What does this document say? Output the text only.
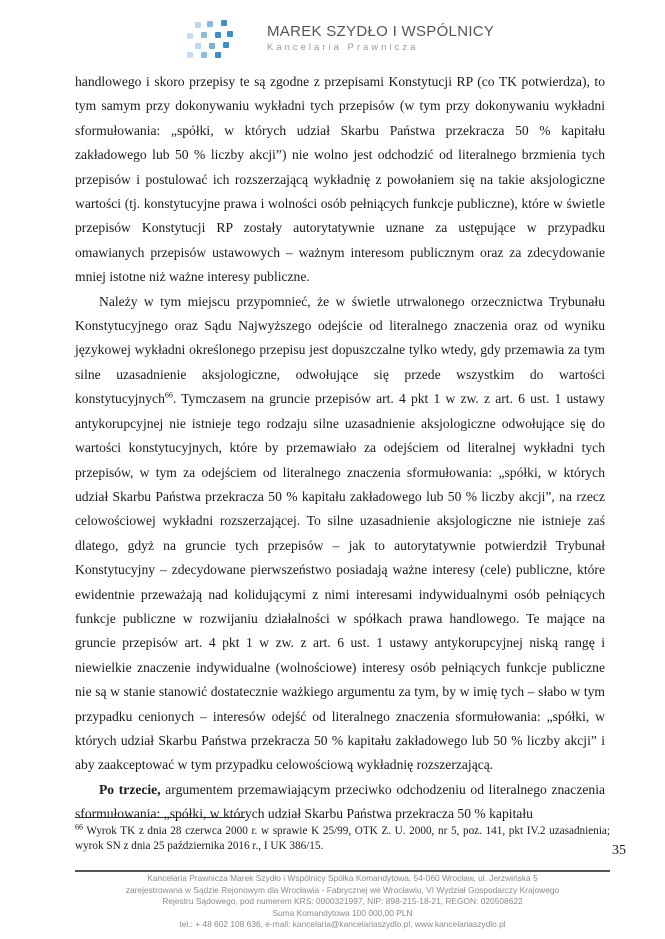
MAREK SZYDŁO I WSPÓLNICY
Kancelaria Prawnicza

handlowego i skoro przepisy te są zgodne z przepisami Konstytucji RP (co TK potwierdza), to tym samym przy dokonywaniu wykładni tych przepisów (w tym przy dokonywaniu wykładni sformułowania: „spółki, w których udział Skarbu Państwa przekracza 50 % kapitału zakładowego lub 50 % liczby akcji”) nie wolno jest odchodzić od literalnego brzmienia tych przepisów i postulować ich rozszerzającą wykładnię z powołaniem się na takie aksjologiczne wartości (tj. konstytucyjne prawa i wolności osób pełniących funkcje publiczne), które w świetle przepisów Konstytucji RP zostały autorytatywnie uznane za ustępujące w przypadku omawianych przepisów ustawowych – ważnym interesom publicznym oraz za zdecydowanie mniej istotne niż ważne interesy publiczne.

Należy w tym miejscu przypomnieć, że w świetle utrwalonego orzecznictwa Trybunału Konstytucyjnego oraz Sądu Najwyższego odejście od literalnego znaczenia oraz od wyniku językowej wykładni określonego przepisu jest dopuszczalne tylko wtedy, gdy przemawia za tym silne uzasadnienie aksjologiczne, odwołujące się przede wszystkim do wartości konstytucyjnych$^{66}$. Tymczasem na gruncie przepisów art. 4 pkt 1 w zw. z art. 6 ust. 1 ustawy antykorupcyjnej nie istnieje tego rodzaju silne uzasadnienie aksjologiczne odwołujące się do wartości konstytucyjnych, które by przemawiało za odejściem od literalnej wykładni tych przepisów, w tym za odejściem od literalnego znaczenia sformułowania: „spółki, w których udział Skarbu Państwa przekracza 50 % kapitału zakładowego lub 50 % liczby akcji”, na rzecz celowościowej wykładni rozszerzającej. To silne uzasadnienie aksjologiczne nie istnieje zaś dlatego, gdyż na gruncie tych przepisów – jak to autorytatywnie potwierdził Trybunał Konstytucyjny – zdecydowane pierwszeństwo posiadają ważne interesy (cele) publiczne, które ewidentnie przeważają nad kolidującymi z nimi interesami indywidualnymi osób pełniących funkcje publiczne w rozwijaniu działalności w spółkach prawa handlowego. Te mające na gruncie przepisów art. 4 pkt 1 w zw. z art. 6 ust. 1 ustawy antykorupcyjnej niską rangę i niewielkie znaczenie indywidualne (wolnościowe) interesy osób pełniących funkcje publiczne nie są w stanie stanowić dostatecznie ważkiego argumentu za tym, by w imię tych – słabo w tym przypadku cenionych – interesów odejść od literalnego znaczenia sformułowania: „spółki, w których udział Skarbu Państwa przekracza 50 % kapitału zakładowego lub 50 % liczby akcji” i aby zaakceptować w tym przypadku celowościową wykładnię rozszerzającą.

Po trzecie, argumentem przemawiającym przeciwko odchodzeniu od literalnego znaczenia sformułowania: „spółki, w których udział Skarbu Państwa przekracza 50 % kapitału

$^{66}$ Wyrok TK z dnia 28 czerwca 2000 r. w sprawie K 25/99, OTK Z. U. 2000, nr 5, poz. 141, pkt IV.2 uzasadnienia; wyrok SN z dnia 25 października 2016 r., I UK 386/15.	35
Kancelaria Prawnicza Marek Szydło i Wspólnicy Spółka Komandytowa, 54-060 Wrocław, ul. Jerzwińska 5
zarejestrowana w Sądzie Rejonowym dla Wrocławia - Fabrycznej we Wrocławiu, VI Wydział Gospodarczy Krajowego
Rejestru Sądowego, pod numerem KRS: 0000321997, NIP: 898-215-18-21, REGON: 020508622
Suma Komandytowa 100 000,00 PLN
tel.: + 48 602 108 636, e-mail: kancelaria@kancelariaszydlo.pl, www.kancelariaszydlo.pl
